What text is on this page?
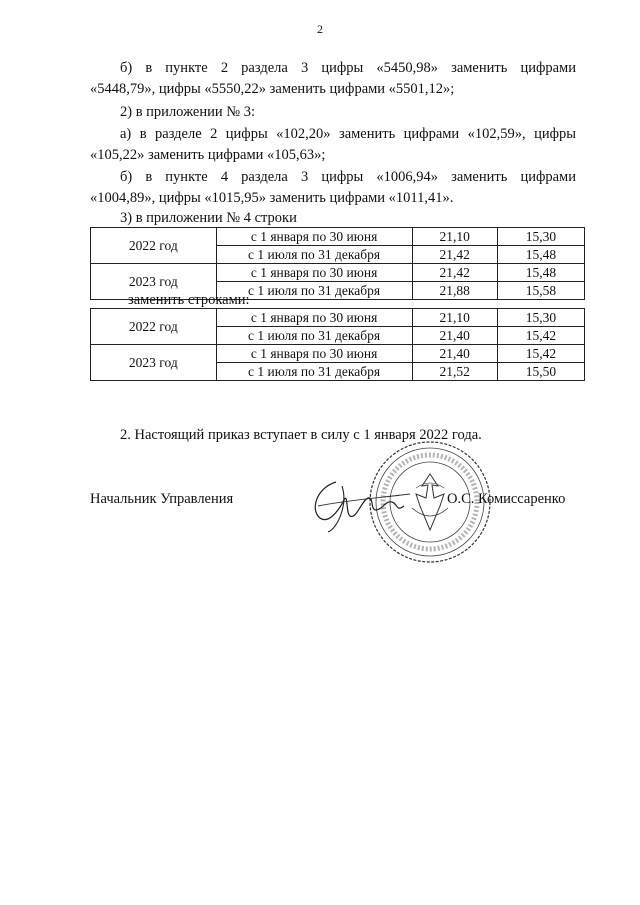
2
б) в пункте 2 раздела 3 цифры «5450,98» заменить цифрами
«5448,79», цифры «5550,22» заменить цифрами «5501,12»;
2) в приложении № 3:
а) в разделе 2 цифры «102,20» заменить цифрами «102,59», цифры
«105,22» заменить цифрами «105,63»;
б) в пункте 4 раздела 3 цифры «1006,94» заменить цифрами
«1004,89», цифры «1015,95» заменить цифрами «1011,41».
3) в приложении № 4 строки
2022 год	с 1 января по 30 июня	21,10	15,30
	с 1 июля по 31 декабря	21,42	15,48
2023 год	с 1 января по 30 июня	21,42	15,48
	с 1 июля по 31 декабря	21,88	15,58
заменить строками:
2022 год	с 1 января по 30 июня	21,10	15,30
	с 1 июля по 31 декабря	21,40	15,42
2023 год	с 1 января по 30 июня	21,40	15,42
	с 1 июля по 31 декабря	21,52	15,50
2. Настоящий приказ вступает в силу с 1 января 2022 года.
Начальник Управления	О.С. Комиссаренко
